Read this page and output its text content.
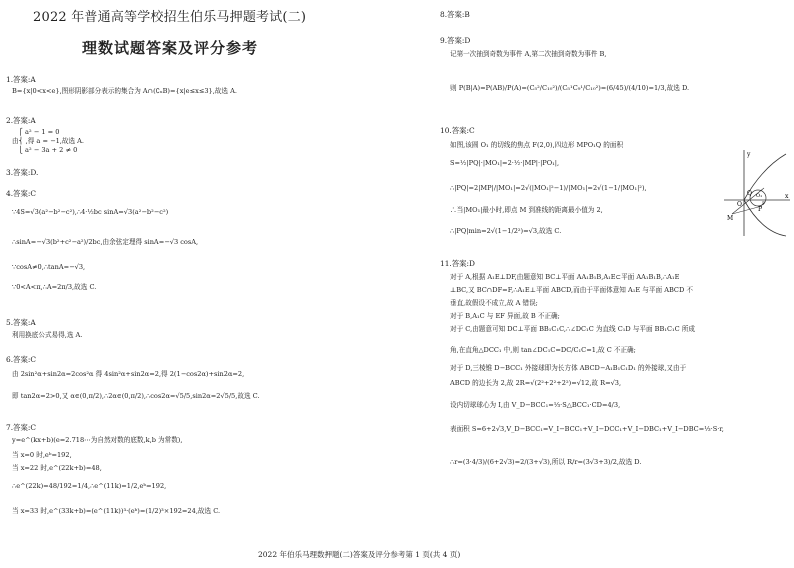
2022 年普通高等学校招生伯乐马押题考试(二)
理数试题答案及评分参考
1.答案:A
B={x|0<x<e},图形阴影部分表示的集合为 A∩(∁ᵤB)={x|e≤x≤3},故选 A.
2.答案:A
⎧ a² − 1 = 0
由⎨ ,得 a = −1,故选 A.
⎩ a² − 3a + 2 ≠ 0
3.答案:D.
4.答案:C
∵4S=√3(a²−b²−c²),∴4·½bc sinA=√3(a²−b²−c²)
∴sinA=−√3(b²+c²−a²)/2bc,由余弦定理得 sinA=−√3 cosA,
∵cosA≠0,∴tanA=−√3,
∵0<A<π,∴A=2π/3,故选 C.
5.答案:A
利用换底公式易得,选 A.
6.答案:C
由 2sin²α+sin2α=2cos²α 得 4sin²α+sin2α=2,得 2(1−cos2α)+sin2α=2,
即 tan2α=2>0,又 α∈(0,π/2),∴2α∈(0,π/2),∴cos2α=√5/5,sin2α=2√5/5,故选 C.
7.答案:C
y=e^(kx+b)(e=2.718⋯为自然对数的底数,k,b 为常数),
当 x=0 时,eᵇ=192,
当 x=22 时,e^(22k+b)=48,
∴e^(22k)=48/192=1/4,∴e^(11k)=1/2,eᵇ=192,
当 x=33 时,e^(33k+b)=(e^(11k))³·(eᵇ)=(1/2)³×192=24,故选 C.
8.答案:B
9.答案:D
记第一次抽到奇数为事件 A,第二次抽到奇数为事件 B,
则 P(B|A)=P(AB)/P(A)=(C₅²/C₁₀²)/(C₅¹C₉¹/C₁₀²)=(6/45)/(4/10)=1/3,故选 D.
10.答案:C
如图,该圆 O₁ 的切线的焦点 F(2,0),四边形 MPO₁Q 的面积
S=½|PQ|·|MO₁|=2·½·|MP|·|PO₁|,
∴|PQ|=2|MP|/|MO₁|=2√(|MO₁|²−1)/|MO₁|=2√(1−1/|MO₁|²),
∴当|MO₁|最小时,即点 M 到准线的距离最小值为 2,
∴|PQ|min=2√(1−1/2²)=√3,故选 C.
11.答案:D
对于 A,根据 A₁E⊥DF,由题意知 BC⊥平面 AA₁B₁B,A₁E⊂平面 AA₁B₁B,∴A₁E
⊥BC,又 BC∩DF=F,∴A₁E⊥平面 ABCD,而由于平面体意知 A₁E 与平面 ABCD 不
垂直,故假设不成立,故 A 错误;
对于 B,A₁C 与 EF 异面,故 B 不正确;
对于 C,由题意可知 DC⊥平面 BB₁C₁C,∴∠DC₁C 为直线 C₁D 与平面 BB₁C₁C 所成
角,在直角△DCC₁ 中,则 tan∠DC₁C=DC/C₁C=1,故 C 不正确;
对于 D,三棱锥 D−BCC₁ 外接球即为长方体 ABCD−A₁B₁C₁D₁ 的外接球,又由于
ABCD 的边长为 2,故 2R=√(2²+2²+2²)=√12,故 R=√3,
设内切球球心为 I,由 V_D−BCC₁=⅓·S△BCC₁·CD=4/3,
表面积 S=6+2√3,V_D−BCC₁=V_I−BCC₁+V_I−DCC₁+V_I−DBC₁+V_I−DBC=⅓·S·r,
∴r=(3·4/3)/(6+2√3)=2/(3+√3),所以 R/r=(3√3+3)/2,故选 D.
y
O
Q O₁
F
M
P
x
2022 年伯乐马理数押题(二)答案及评分参考第 1 页(共 4 页)
